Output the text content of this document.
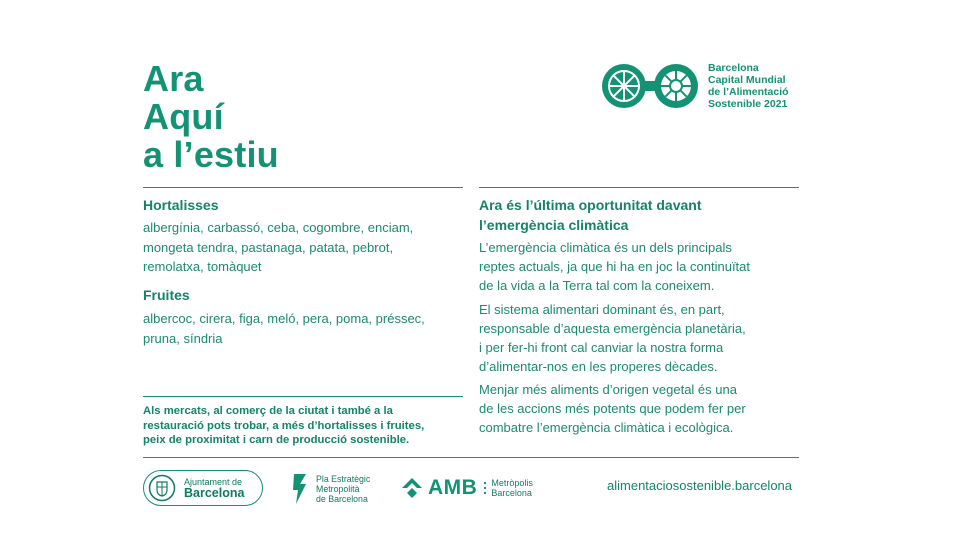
Ara
Aquí
a l’estiu
Barcelona
Capital Mundial
de l’Alimentació
Sostenible 2021
Hortalisses
albergínia, carbassó, ceba, cogombre, enciam,
mongeta tendra, pastanaga, patata, pebrot,
remolatxa, tomàquet
Fruites
albercoc, cirera, figa, meló, pera, poma, préssec,
pruna, síndria
Als mercats, al comerç de la ciutat i també a la
restauració pots trobar, a més d’hortalisses i fruites,
peix de proximitat i carn de producció sostenible.
Ara és l’última oportunitat davant
l’emergència climàtica
L’emergència climàtica és un dels principals
reptes actuals, ja que hi ha en joc la continuïtat
de la vida a la Terra tal com la coneixem.
El sistema alimentari dominant és, en part,
responsable d’aquesta emergència planetària,
i per fer-hi front cal canviar la nostra forma
d’alimentar-nos en les properes dècades.
Menjar més aliments d’origen vegetal és una
de les accions més potents que podem fer per
combatre l’emergència climàtica i ecològica.
Ajuntament de
Barcelona
Pla Estratègic
Metropolità
de Barcelona	AMB Metròpolis
Barcelona	alimentaciosostenible.barcelona
